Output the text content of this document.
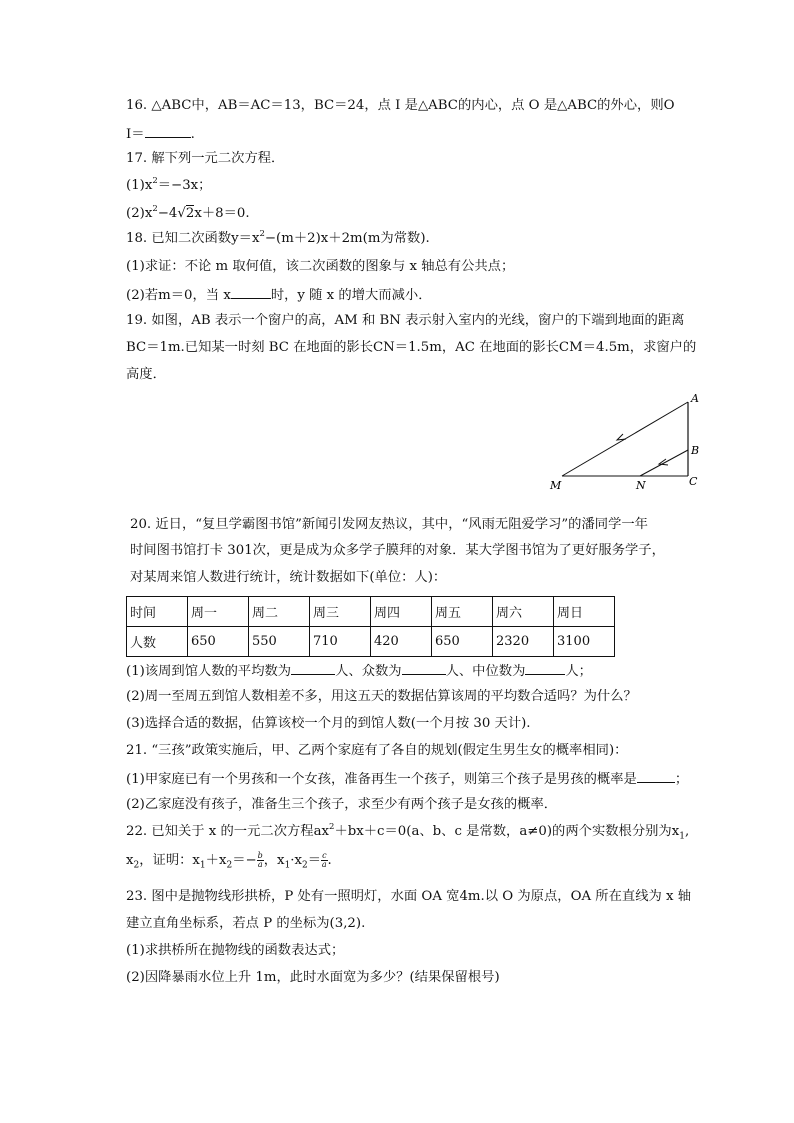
16. △ABC中，AB＝AC＝13，BC＝24，点 I 是△ABC的内心，点 O 是△ABC的外心，则O
I＝	.
17. 解下列一元二次方程．
$(1)x^2=-3x$；
$(2)x^2-4√2x+8=0$.
18. 已知二次函数$y=x^2-(m+2)x+2m(m$为常数).
(1)求证：不论 m 取何值，该二次函数的图象与 x 轴总有公共点；
(2)若m＝0，当 x	时，y 随 x 的增大而减小．
19. 如图，AB 表示一个窗户的高，AM 和 BN 表示射入室内的光线，窗户的下端到地面的距离
BC＝1m.已知某一时刻 BC 在地面的影长CN＝1.5m，AC 在地面的影长CM＝4.5m，求窗户的
高度．
A
B
C
M	N
20. 近日，“复旦学霸图书馆”新闻引发网友热议，其中，“风雨无阻爱学习”的潘同学一年
时间图书馆打卡 301次，更是成为众多学子膜拜的对象．某大学图书馆为了更好服务学子，
对某周来馆人数进行统计，统计数据如下(单位：人)：
时间	周一	周二	周三	周四	周五	周六	周日
人数	650	550	710	420	650	2320	3100
(1)该周到馆人数的平均数为	人、众数为	人、中位数为	人；
(2)周一至周五到馆人数相差不多，用这五天的数据估算该周的平均数合适吗？为什么？
(3)选择合适的数据，估算该校一个月的到馆人数(一个月按 30 天计).
21. “三孩”政策实施后，甲、乙两个家庭有了各自的规划(假定生男生女的概率相同)：
(1)甲家庭已有一个男孩和一个女孩，准备再生一个孩子，则第三个孩子是男孩的概率是	；
(2)乙家庭没有孩子，准备生三个孩子，求至少有两个孩子是女孩的概率．
22. 已知关于 x 的一元二次方程$ax^2+bx+c=0(a$、b、c 是常数，a≠0)的两个实数根分别为$x_1$,
$x_2$，证明：$x_1+x_2=- \frac{b}{a}$ ，$x_1\cdot x_2= \frac{c}{a}$ .
23. 图中是抛物线形拱桥，P 处有一照明灯，水面 OA 宽4m.以 O 为原点，OA 所在直线为 x 轴
建立直角坐标系，若点 P 的坐标为(3,2).
(1)求拱桥所在抛物线的函数表达式；
(2)因降暴雨水位上升 1m，此时水面宽为多少？(结果保留根号)
